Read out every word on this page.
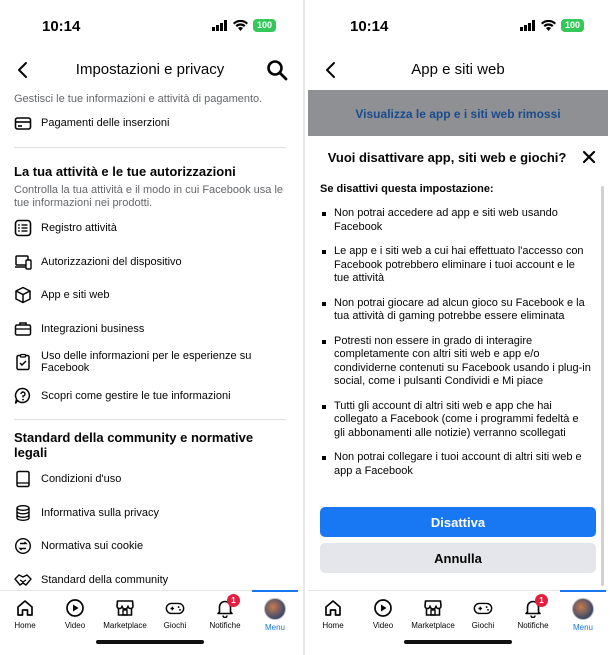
10:14	100
Impostazioni e privacy
Gestisci le tue informazioni e attività di pagamento.
Pagamenti delle inserzioni
La tua attività e le tue autorizzazioni
Controlla la tua attività e il modo in cui Facebook usa le tue informazioni nei prodotti.
Registro attività
Autorizzazioni del dispositivo
App e siti web
Integrazioni business
Uso delle informazioni per le esperienze su Facebook
Scopri come gestire le tue informazioni
Standard della community e normative legali
Condizioni d'uso
Informativa sulla privacy
Normativa sui cookie
Standard della community
Home	Video Marketplace Giochi
1
Notifiche	Menu
10:14	100
App e siti web
Visualizza le app e i siti web rimossi
Vuoi disattivare app, siti web e giochi?
Se disattivi questa impostazione:
Non potrai accedere ad app e siti web usando Facebook
Le app e i siti web a cui hai effettuato l'accesso con Facebook potrebbero eliminare i tuoi account e le tue attività
Non potrai giocare ad alcun gioco su Facebook e la tua attività di gaming potrebbe essere eliminata
Potresti non essere in grado di interagire completamente con altri siti web e app e/o condividerne contenuti su Facebook usando i plug-in social, come i pulsanti Condividi e Mi piace
Tutti gli account di altri siti web e app che hai collegato a Facebook (come i programmi fedeltà e gli abbonamenti alle notizie) verranno scollegati
Non potrai collegare i tuoi account di altri siti web e app a Facebook
Disattiva
Annulla
Home	Video Marketplace Giochi
1
Notifiche	Menu
